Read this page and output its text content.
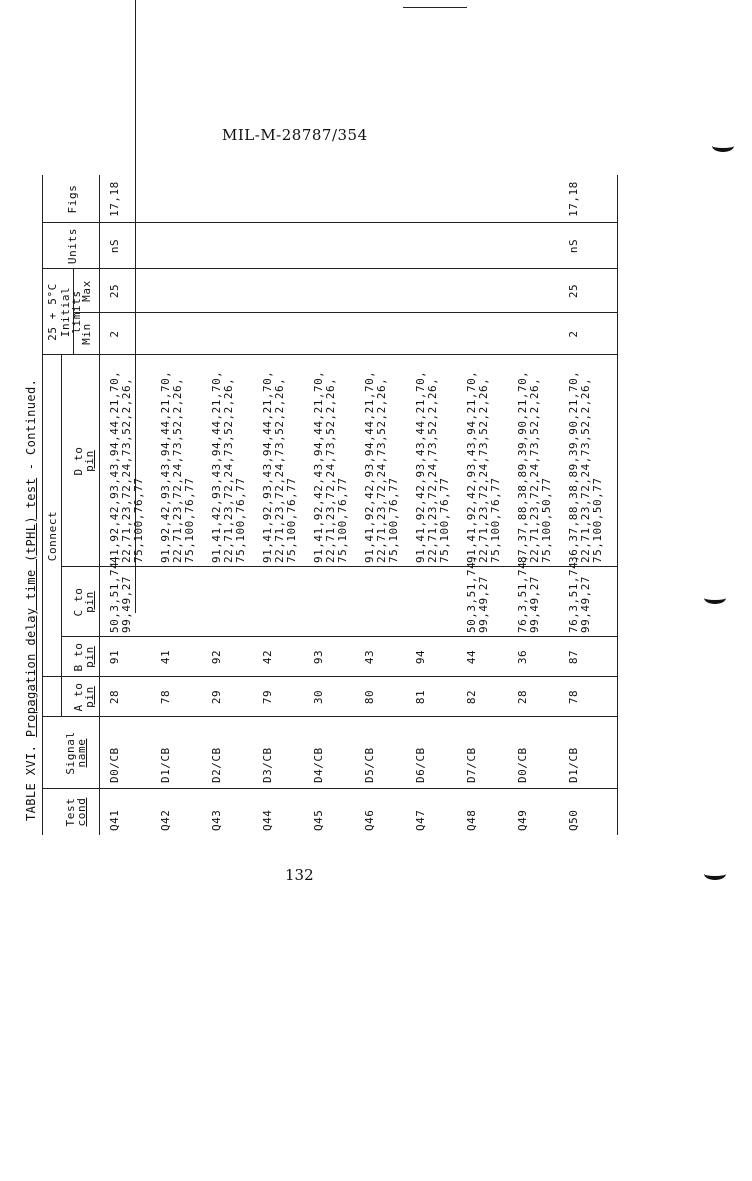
MIL-M-28787/354
TABLE XVI. Propagation delay time (tPHL) test - Continued.
Test
cond
Signal
name
Connect
A to
pin
B to
pin
C to
pin
D to
pin
25 + 5°C Initial limits
Min
Max
Units
Figs
Q41
D0/CB
28
91
50,3,51,74, 99,49,27
41,92,42,93,43,94,44,21,70, 22,71,23,72,24,73,52,2,26, 75,100,76,77
2
25
nS
17,18
Q42
D1/CB
78
41
91,92,42,93,43,94,44,21,70, 22,71,23,72,24,73,52,2,26, 75,100,76,77
Q43
D2/CB
29
92
91,41,42,93,43,94,44,21,70, 22,71,23,72,24,73,52,2,26, 75,100,76,77
Q44
D3/CB
79
42
91,41,92,93,43,94,44,21,70, 22,71,23,72,24,73,52,2,26, 75,100,76,77
Q45
D4/CB
30
93
91,41,92,42,43,94,44,21,70, 22,71,23,72,24,73,52,2,26, 75,100,76,77
Q46
D5/CB
80
43
91,41,92,42,93,94,44,21,70, 22,71,23,72,24,73,52,2,26, 75,100,76,77
Q47
D6/CB
81
94
91,41,92,42,93,43,44,21,70, 22,71,23,72,24,73,52,2,26, 75,100,76,77
Q48
D7/CB
82
44
50,3,51,74, 99,49,27
91,41,92,42,93,43,94,21,70, 22,71,23,72,24,73,52,2,26, 75,100,76,77
Q49
D0/CB
28
36
76,3,51,74, 99,49,27
87,37,88,38,89,39,90,21,70, 22,71,23,72,24,73,52,2,26, 75,100,50,77
Q50
D1/CB
78
87
76,3,51,74, 99,49,27
36,37,88,38,89,39,90,21,70, 22,71,23,72,24,73,52,2,26, 75,100,50,77
2
25
nS
17,18
132
